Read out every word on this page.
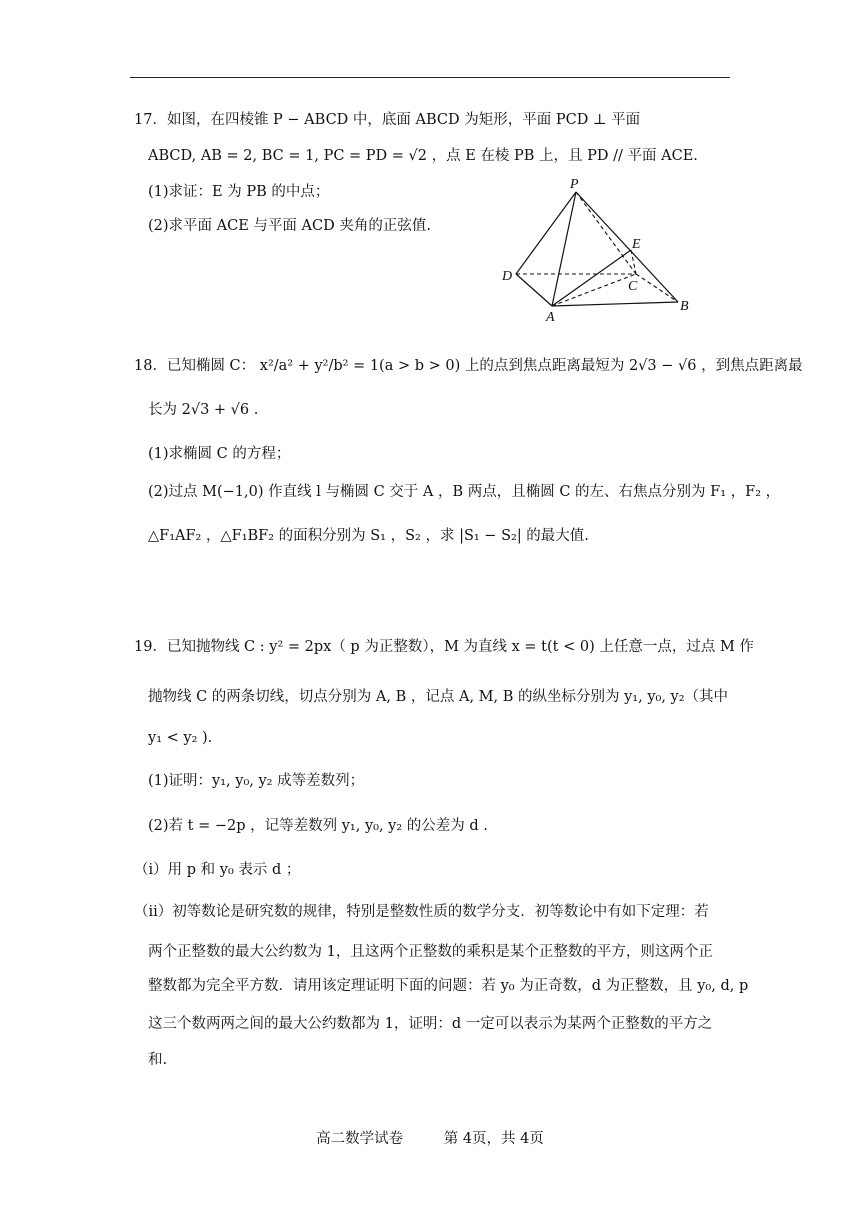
17．如图，在四棱锥 P − ABCD 中，底面 ABCD 为矩形，平面 PCD ⊥ 平面
ABCD, AB = 2, BC = 1, PC = PD = √2 ，点 E 在棱 PB 上，且 PD // 平面 ACE.
(1)求证：E 为 PB 的中点；
(2)求平面 ACE 与平面 ACD 夹角的正弦值.
P
E
D
C
A
B
18．已知椭圆 C： x²/a² + y²/b² = 1(a > b > 0) 上的点到焦点距离最短为 2√3 − √6 ，到焦点距离最
长为 2√3 + √6 .
(1)求椭圆 C 的方程；
(2)过点 M(−1,0) 作直线 l 与椭圆 C 交于 A ，B 两点，且椭圆 C 的左、右焦点分别为 F₁ ，F₂ ，
△F₁AF₂ ，△F₁BF₂ 的面积分别为 S₁ ，S₂ ，求 |S₁ − S₂| 的最大值.
19．已知抛物线 C : y² = 2px（ p 为正整数），M 为直线 x = t(t < 0) 上任意一点，过点 M 作
抛物线 C 的两条切线，切点分别为 A, B ，记点 A, M, B 的纵坐标分别为 y₁, y₀, y₂（其中
y₁ < y₂ ).
(1)证明：y₁, y₀, y₂ 成等差数列；
(2)若 t = −2p ，记等差数列 y₁, y₀, y₂ 的公差为 d .
（i）用 p 和 y₀ 表示 d ；
（ii）初等数论是研究数的规律，特别是整数性质的数学分支．初等数论中有如下定理：若
两个正整数的最大公约数为 1，且这两个正整数的乘积是某个正整数的平方，则这两个正
整数都为完全平方数．请用该定理证明下面的问题：若 y₀ 为正奇数，d 为正整数，且 y₀, d, p
这三个数两两之间的最大公约数都为 1，证明：d 一定可以表示为某两个正整数的平方之
和.
高二数学试卷	第 4页，共 4页
